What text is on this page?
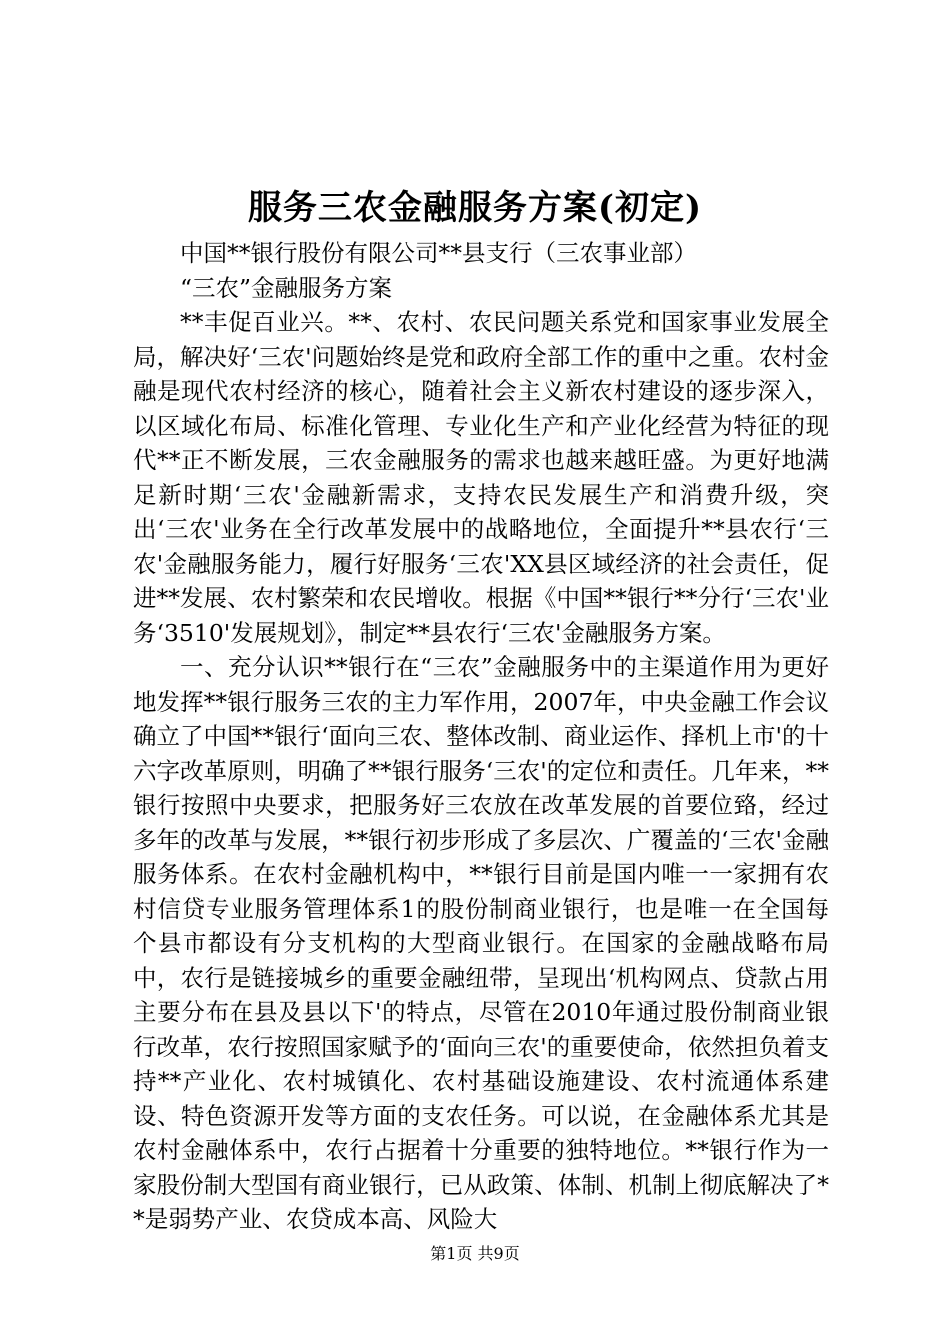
服务三农金融服务方案(初定)

中国**银行股份有限公司**县支行（三农事业部）

“三农”金融服务方案

**丰促百业兴。**、农村、农民问题关系党和国家事业发展全局，解决好‘三农'问题始终是党和政府全部工作的重中之重。农村金融是现代农村经济的核心，随着社会主义新农村建设的逐步深入，以区域化布局、标准化管理、专业化生产和产业化经营为特征的现代**正不断发展，三农金融服务的需求也越来越旺盛。为更好地满足新时期‘三农'金融新需求，支持农民发展生产和消费升级，突出‘三农'业务在全行改革发展中的战略地位，全面提升**县农行‘三农'金融服务能力，履行好服务‘三农'XX县区域经济的社会责任，促进**发展、农村繁荣和农民增收。根据《中国**银行**分行‘三农'业务‘3510'发展规划》，制定**县农行‘三农'金融服务方案。

一、充分认识**银行在“三农”金融服务中的主渠道作用为更好地发挥**银行服务三农的主力军作用，2007年，中央金融工作会议确立了中国**银行‘面向三农、整体改制、商业运作、择机上市'的十六字改革原则，明确了**银行服务‘三农'的定位和责任。几年来，**银行按照中央要求，把服务好三农放在改革发展的首要位臵，经过多年的改革与发展，**银行初步形成了多层次、广覆盖的‘三农'金融服务体系。在农村金融机构中，**银行目前是国内唯一一家拥有农村信贷专业服务管理体系1的股份制商业银行，也是唯一在全国每个县市都设有分支机构的大型商业银行。在国家的金融战略布局中，农行是链接城乡的重要金融纽带，呈现出‘机构网点、贷款占用主要分布在县及县以下'的特点，尽管在2010年通过股份制商业银行改革，农行按照国家赋予的‘面向三农'的重要使命，依然担负着支持**产业化、农村城镇化、农村基础设施建设、农村流通体系建设、特色资源开发等方面的支农任务。可以说，在金融体系尤其是农村金融体系中，农行占据着十分重要的独特地位。**银行作为一家股份制大型国有商业银行，已从政策、体制、机制上彻底解决了**是弱势产业、农贷成本高、风险大

第1页 共9页
